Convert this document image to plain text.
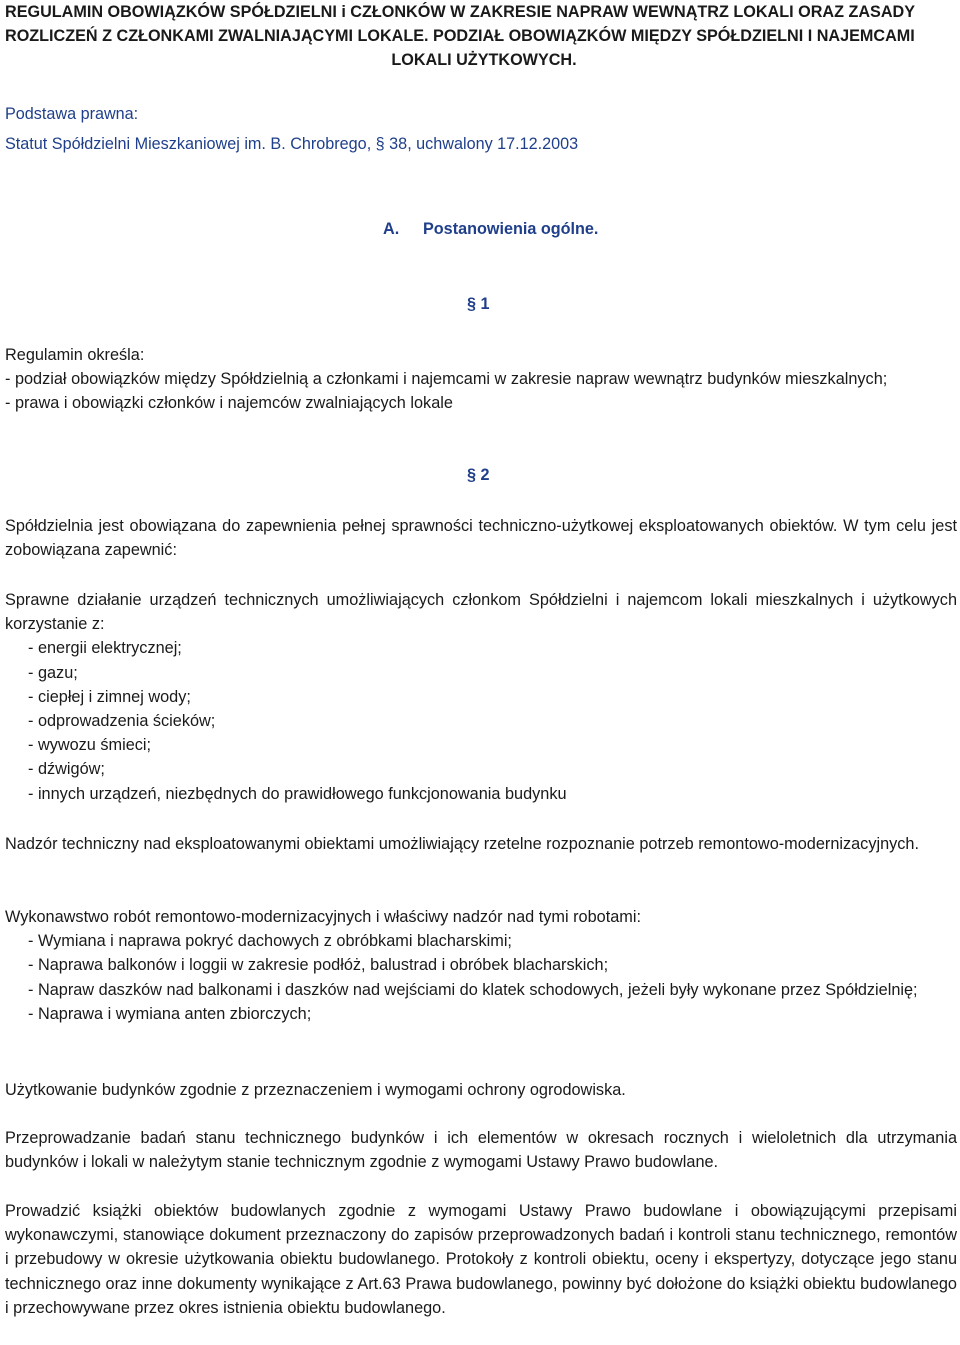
REGULAMIN OBOWIĄZKÓW SPÓŁDZIELNI i CZŁONKÓW W ZAKRESIE NAPRAW WEWNĄTRZ LOKALI ORAZ ZASADY
ROZLICZEŃ Z CZŁONKAMI ZWALNIAJĄCYMI LOKALE. PODZIAŁ OBOWIĄZKÓW MIĘDZY SPÓŁDZIELNI I NAJEMCAMI
LOKALI UŻYTKOWYCH.
Podstawa prawna:
Statut Spółdzielni Mieszkaniowej im. B. Chrobrego, § 38, uchwalony 17.12.2003
A. Postanowienia ogólne.
§ 1
Regulamin określa:
- podział obowiązków między Spółdzielnią a członkami i najemcami w zakresie napraw wewnątrz budynków mieszkalnych;
- prawa i obowiązki członków i najemców zwalniających lokale
§ 2
Spółdzielnia jest obowiązana do zapewnienia pełnej sprawności techniczno-użytkowej eksploatowanych obiektów. W tym celu jest zobowiązana zapewnić:
Sprawne działanie urządzeń technicznych umożliwiających członkom Spółdzielni i najemcom lokali mieszkalnych i użytkowych korzystanie z:
- energii elektrycznej;
- gazu;
- ciepłej i zimnej wody;
- odprowadzenia ścieków;
- wywozu śmieci;
- dźwigów;
- innych urządzeń, niezbędnych do prawidłowego funkcjonowania budynku
Nadzór techniczny nad eksploatowanymi obiektami umożliwiający rzetelne rozpoznanie potrzeb remontowo-modernizacyjnych.
Wykonawstwo robót remontowo-modernizacyjnych i właściwy nadzór nad tymi robotami:
- Wymiana i naprawa pokryć dachowych z obróbkami blacharskimi;
- Naprawa balkonów i loggii w zakresie podłóż, balustrad i obróbek blacharskich;
- Napraw daszków nad balkonami i daszków nad wejściami do klatek schodowych, jeżeli były wykonane przez Spółdzielnię;
- Naprawa i wymiana anten zbiorczych;
Użytkowanie budynków zgodnie z przeznaczeniem i wymogami ochrony ogrodowiska.
Przeprowadzanie badań stanu technicznego budynków i ich elementów w okresach rocznych i wieloletnich dla utrzymania budynków i lokali w należytym stanie technicznym zgodnie z wymogami Ustawy Prawo budowlane.
Prowadzić książki obiektów budowlanych zgodnie z wymogami Ustawy Prawo budowlane i obowiązującymi przepisami wykonawczymi, stanowiące dokument przeznaczony do zapisów przeprowadzonych badań i kontroli stanu technicznego, remontów i przebudowy w okresie użytkowania obiektu budowlanego. Protokoły z kontroli obiektu, oceny i ekspertyzy, dotyczące jego stanu technicznego oraz inne dokumenty wynikające z Art.63 Prawa budowlanego, powinny być dołożone do książki obiektu budowlanego i przechowywane przez okres istnienia obiektu budowlanego.
